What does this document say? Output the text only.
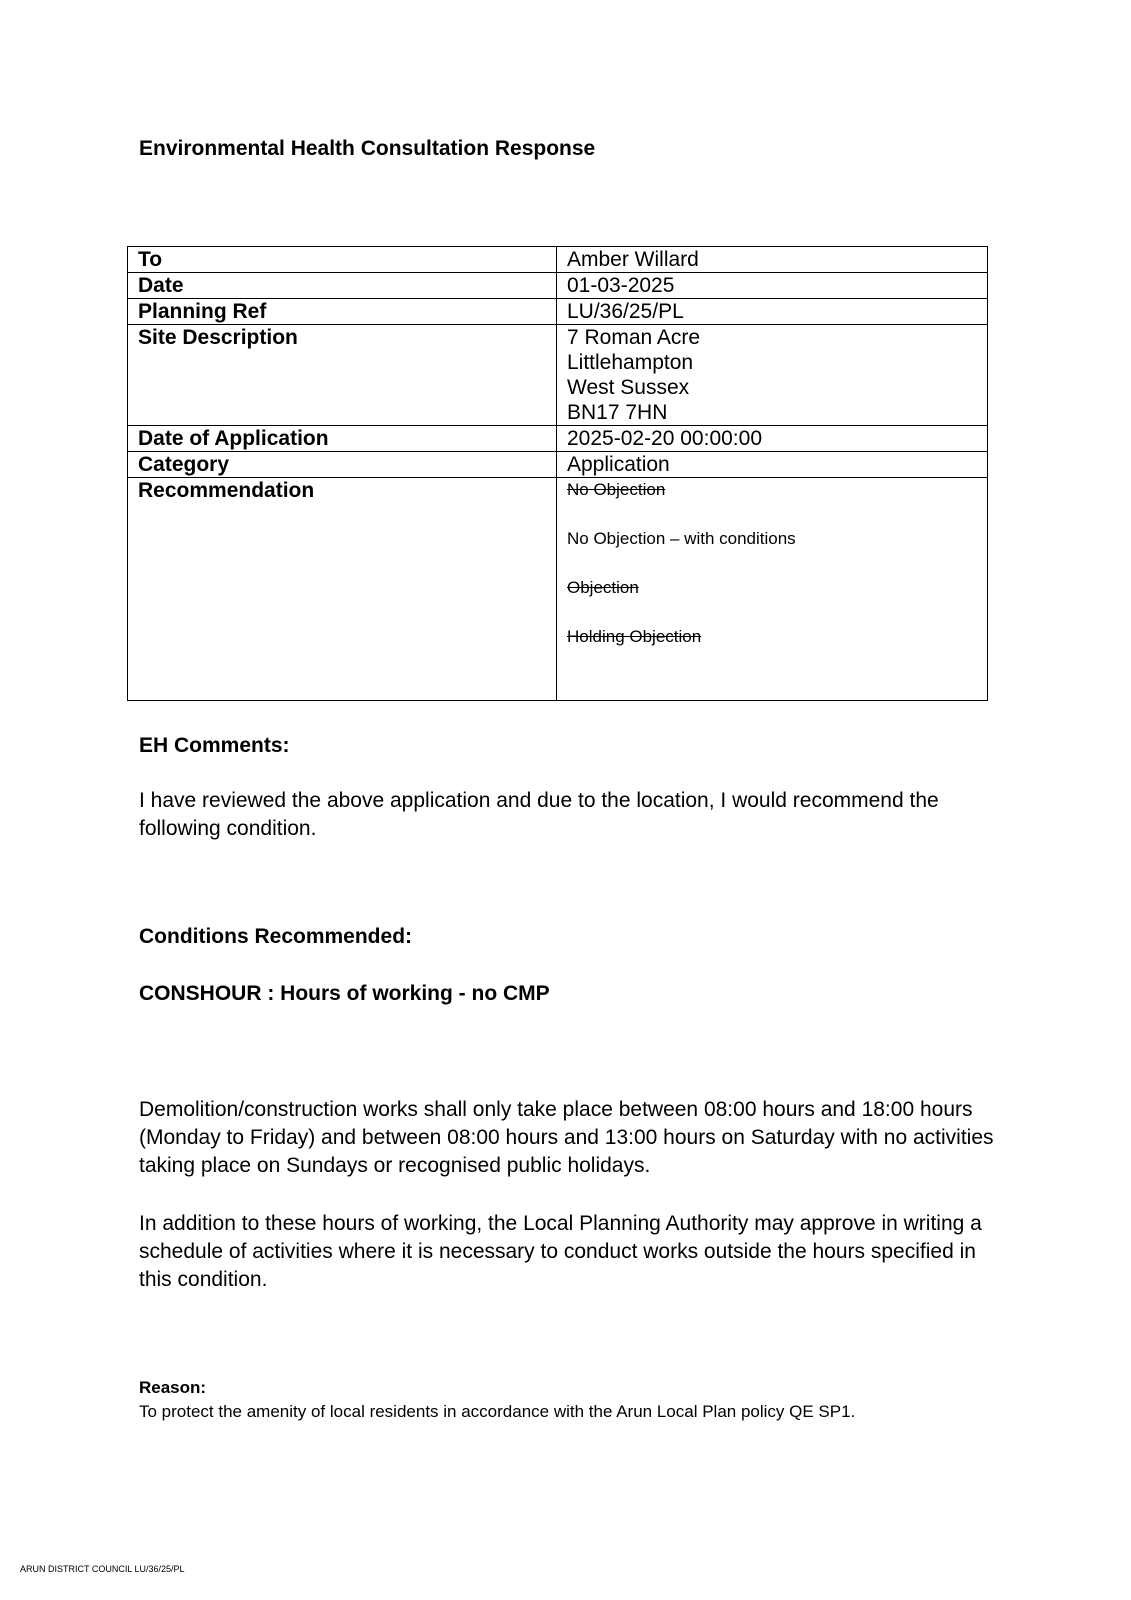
Environmental Health Consultation Response
To	Amber Willard
Date	01-03-2025
Planning Ref	LU/36/25/PL
Site Description	7 Roman Acre
Littlehampton
West Sussex
BN17 7HN

Date of Application	2025-02-20 00:00:00
Category	Application
Recommendation	No Objection
No Objection – with conditions
Objection
Holding Objection
EH Comments:
I have reviewed the above application and due to the location, I would recommend the following condition.
Conditions Recommended:
CONSHOUR : Hours of working - no CMP
Demolition/construction works shall only take place between 08:00 hours and 18:00 hours (Monday to Friday) and between 08:00 hours and 13:00 hours on Saturday with no activities taking place on Sundays or recognised public holidays.
In addition to these hours of working, the Local Planning Authority may approve in writing a schedule of activities where it is necessary to conduct works outside the hours specified in this condition.
Reason:
To protect the amenity of local residents in accordance with the Arun Local Plan policy QE SP1.
ARUN DISTRICT COUNCIL LU/36/25/PL
